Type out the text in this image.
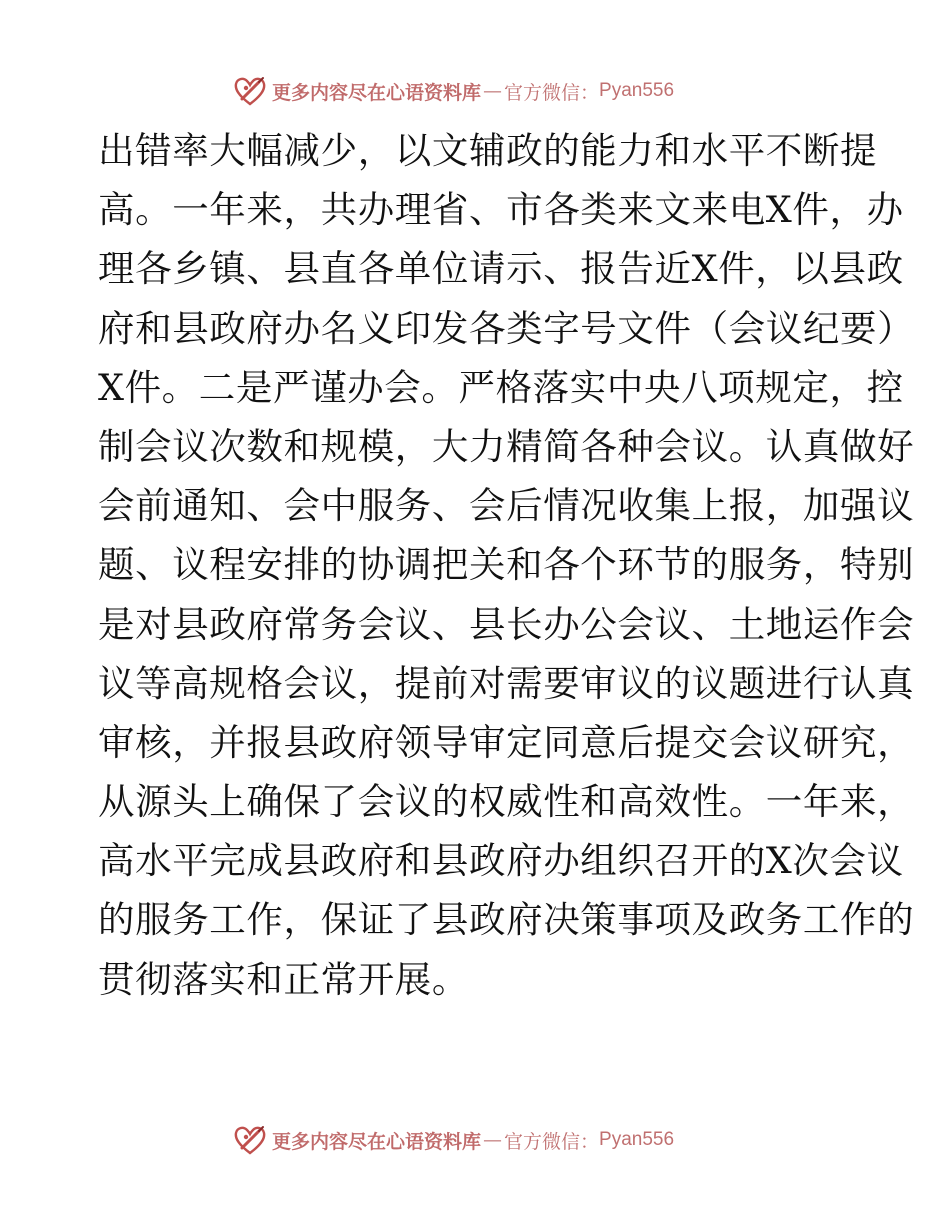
更多内容尽在心语资料库 — 官方微信： Pyan556
出错率大幅减少，以文辅政的能力和水平不断提
高。一年来，共办理省、市各类来文来电X件，办
理各乡镇、县直各单位请示、报告近X件，以县政
府和县政府办名义印发各类字号文件（会议纪要）
X件。二是严谨办会。严格落实中央八项规定，控
制会议次数和规模，大力精简各种会议。认真做好
会前通知、会中服务、会后情况收集上报，加强议
题、议程安排的协调把关和各个环节的服务，特别
是对县政府常务会议、县长办公会议、土地运作会
议等高规格会议，提前对需要审议的议题进行认真
审核，并报县政府领导审定同意后提交会议研究，
从源头上确保了会议的权威性和高效性。一年来，
高水平完成县政府和县政府办组织召开的X次会议
的服务工作，保证了县政府决策事项及政务工作的
贯彻落实和正常开展。
更多内容尽在心语资料库 — 官方微信： Pyan556
